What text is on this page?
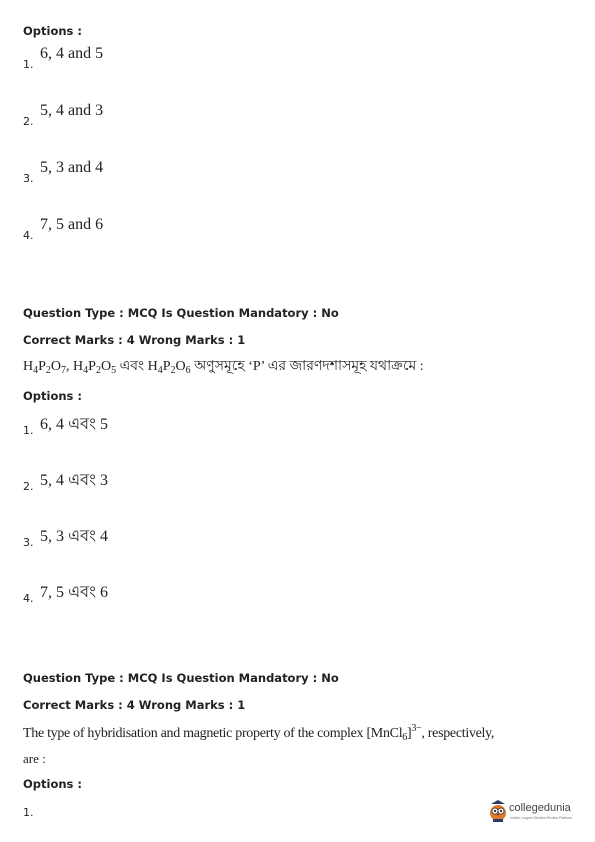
Options :
1.
6, 4 and 5
2.
5, 4 and 3
3.
5, 3 and 4
4.
7, 5 and 6
Question Type : MCQ Is Question Mandatory : No
Correct Marks : 4 Wrong Marks : 1
$H_4P_2O_7$, $H_4P_2O_5$ এবং $H_4P_2O_6$ অণুসমূহে ‘P’ এর জারণদশাসমূহ যথাক্রমে :
Options :
1. 6, 4 এবং 5
2. 5, 4 এবং 3
3. 5, 3 এবং 4
4. 7, 5 এবং 6
Question Type : MCQ Is Question Mandatory : No
Correct Marks : 4 Wrong Marks : 1
The type of hybridisation and magnetic property of the complex [MnCl$_6$]$^{3-}$, respectively,
are :
Options :
1.	collegedunia
India's Largest Student Review Platform
